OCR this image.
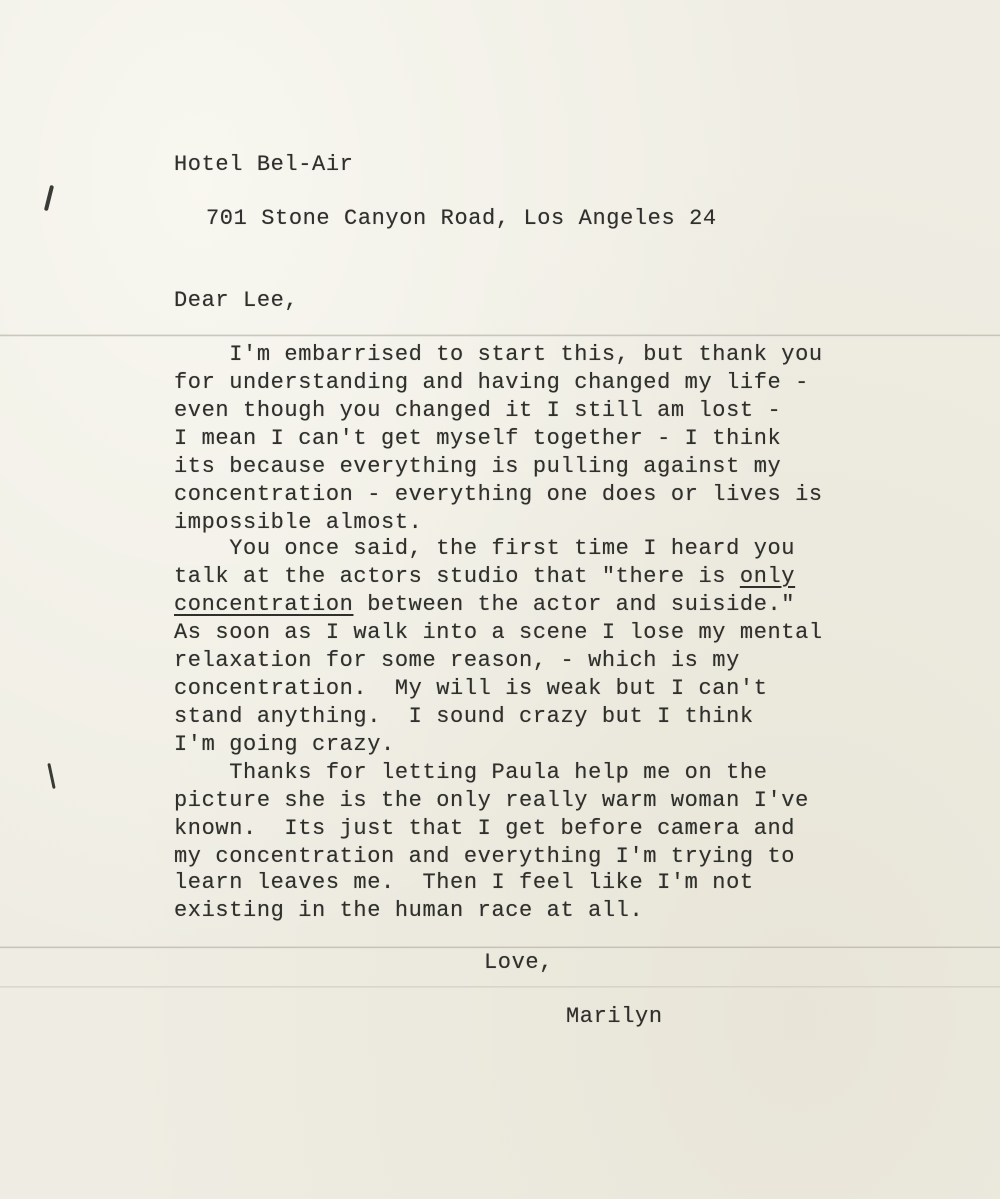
Hotel Bel-Air
701 Stone Canyon Road, Los Angeles 24
Dear Lee,
I'm embarrised to start this, but thank you
for understanding and having changed my life -
even though you changed it I still am lost -
I mean I can't get myself together - I think
its because everything is pulling against my
concentration - everything one does or lives is
impossible almost.
You once said, the first time I heard you
talk at the actors studio that "there is only
concentration between the actor and suiside."
As soon as I walk into a scene I lose my mental
relaxation for some reason, - which is my
concentration.  My will is weak but I can't
stand anything.  I sound crazy but I think
I'm going crazy.
Thanks for letting Paula help me on the
picture she is the only really warm woman I've
known.  Its just that I get before camera and
my concentration and everything I'm trying to
learn leaves me.  Then I feel like I'm not
existing in the human race at all.
Love,
Marilyn
